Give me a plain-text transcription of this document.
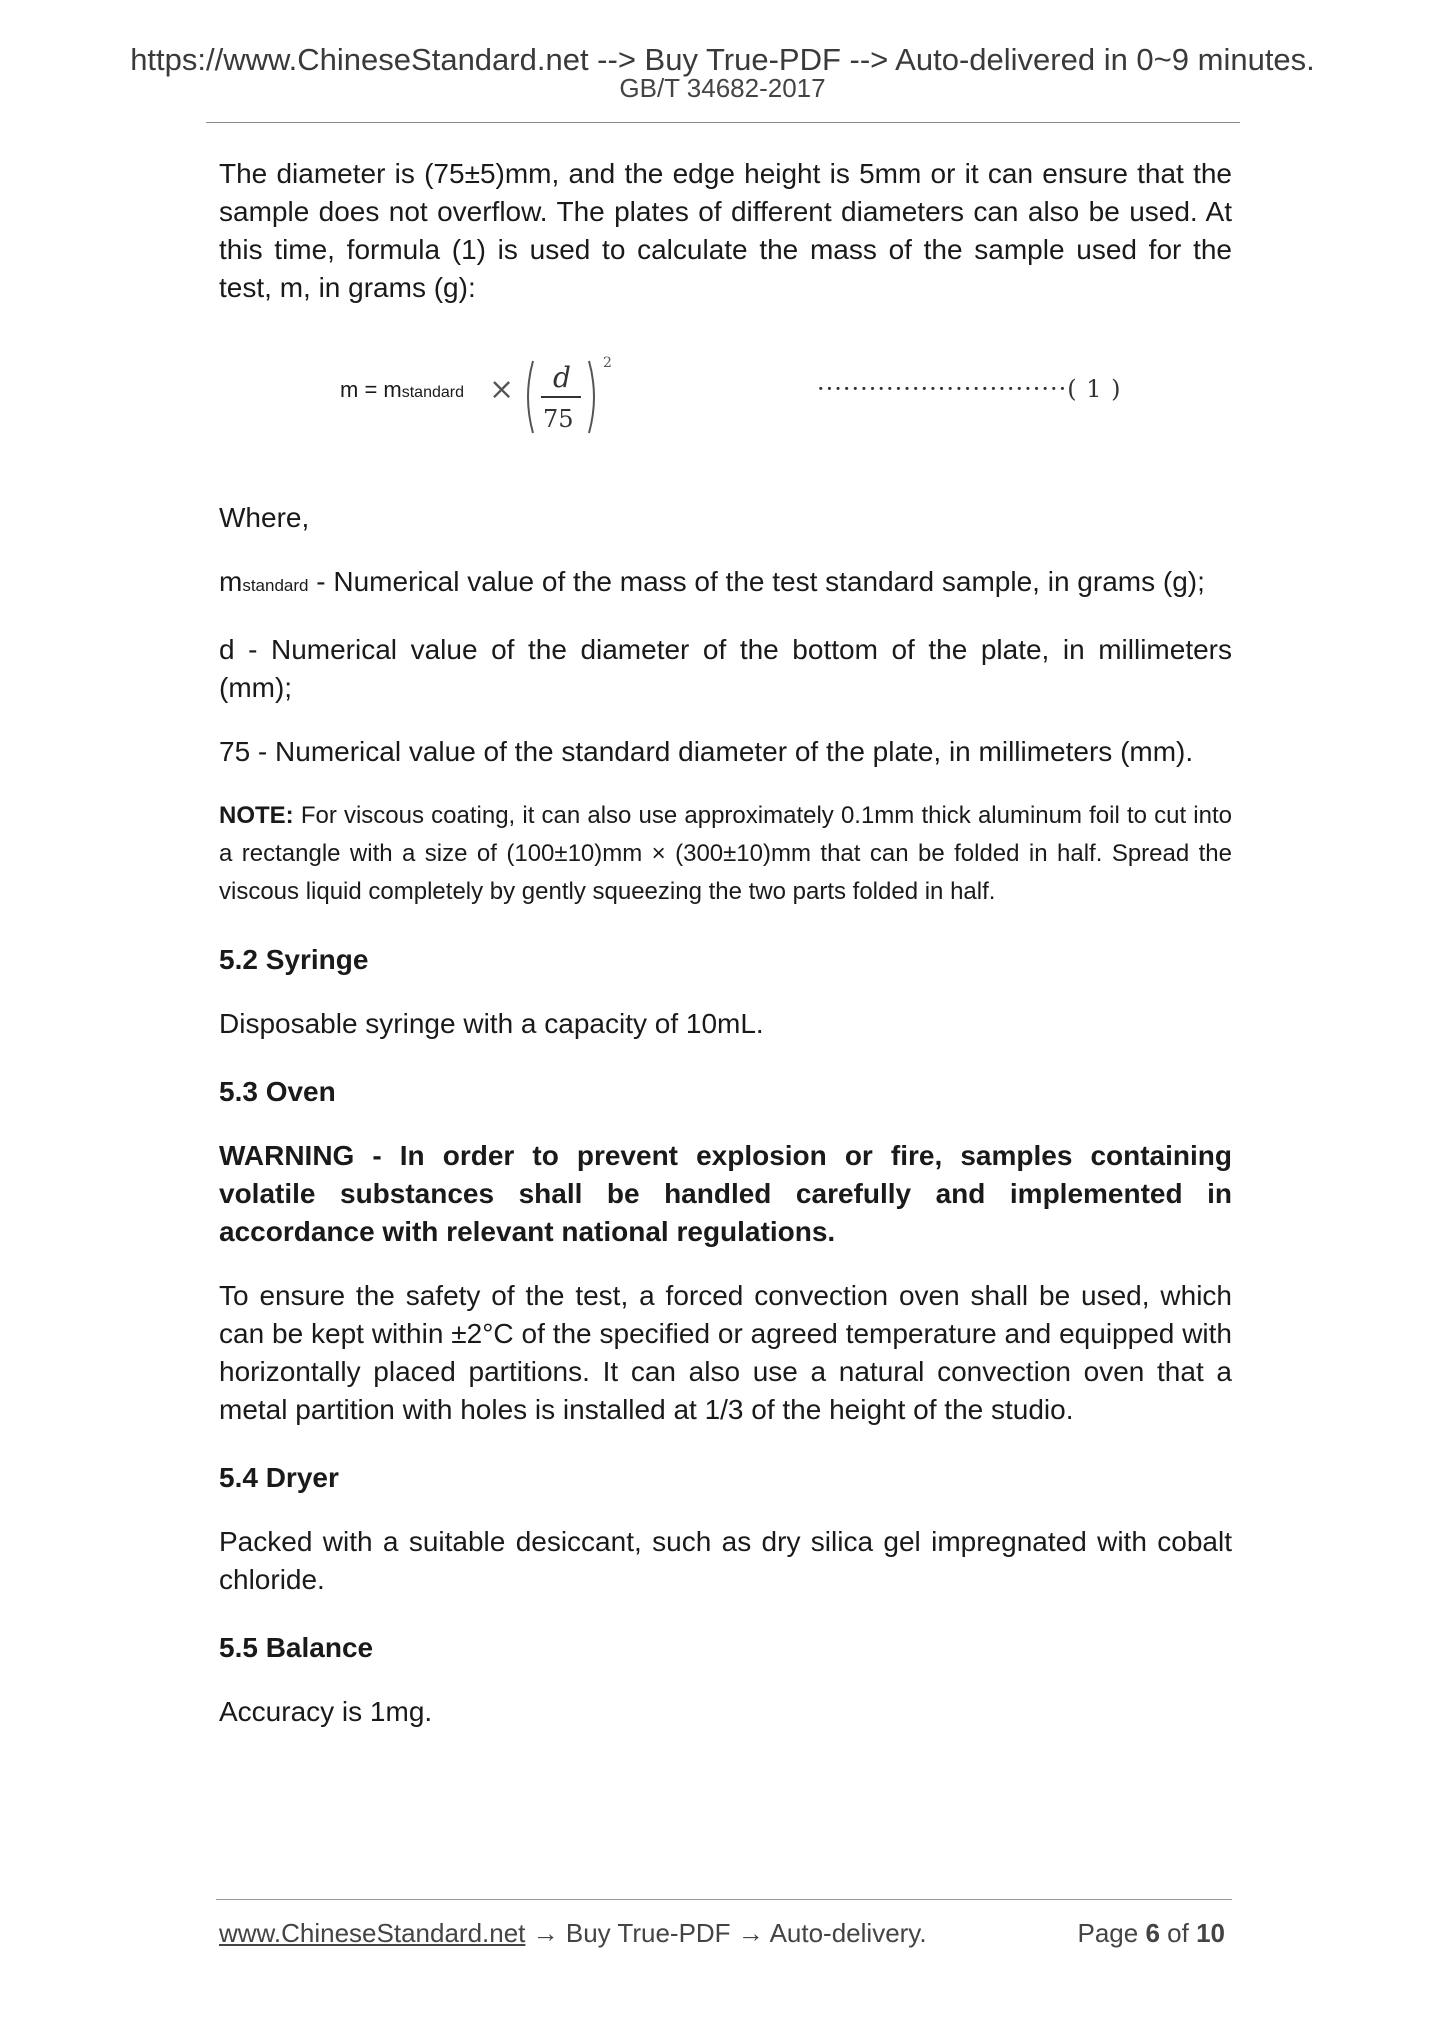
https://www.ChineseStandard.net --> Buy True-PDF --> Auto-delivered in 0~9 minutes.
GB/T 34682-2017

The diameter is (75±5)mm, and the edge height is 5mm or it can ensure that the sample does not overflow. The plates of different diameters can also be used. At this time, formula (1) is used to calculate the mass of the sample used for the test, m, in grams (g):

m = mstandard × d
75
2
·····························( 1 )

Where,

mstandard - Numerical value of the mass of the test standard sample, in grams (g);

d - Numerical value of the diameter of the bottom of the plate, in millimeters (mm);

75 - Numerical value of the standard diameter of the plate, in millimeters (mm).

NOTE: For viscous coating, it can also use approximately 0.1mm thick aluminum foil to cut into a rectangle with a size of (100±10)mm × (300±10)mm that can be folded in half. Spread the viscous liquid completely by gently squeezing the two parts folded in half.

5.2 Syringe

Disposable syringe with a capacity of 10mL.

5.3 Oven

WARNING - In order to prevent explosion or fire, samples containing volatile substances shall be handled carefully and implemented in accordance with relevant national regulations.

To ensure the safety of the test, a forced convection oven shall be used, which can be kept within ±2°C of the specified or agreed temperature and equipped with horizontally placed partitions. It can also use a natural convection oven that a metal partition with holes is installed at 1/3 of the height of the studio.

5.4 Dryer

Packed with a suitable desiccant, such as dry silica gel impregnated with cobalt chloride.

5.5 Balance

Accuracy is 1mg.

www.ChineseStandard.net → Buy True-PDF → Auto-delivery.	Page 6 of 10
